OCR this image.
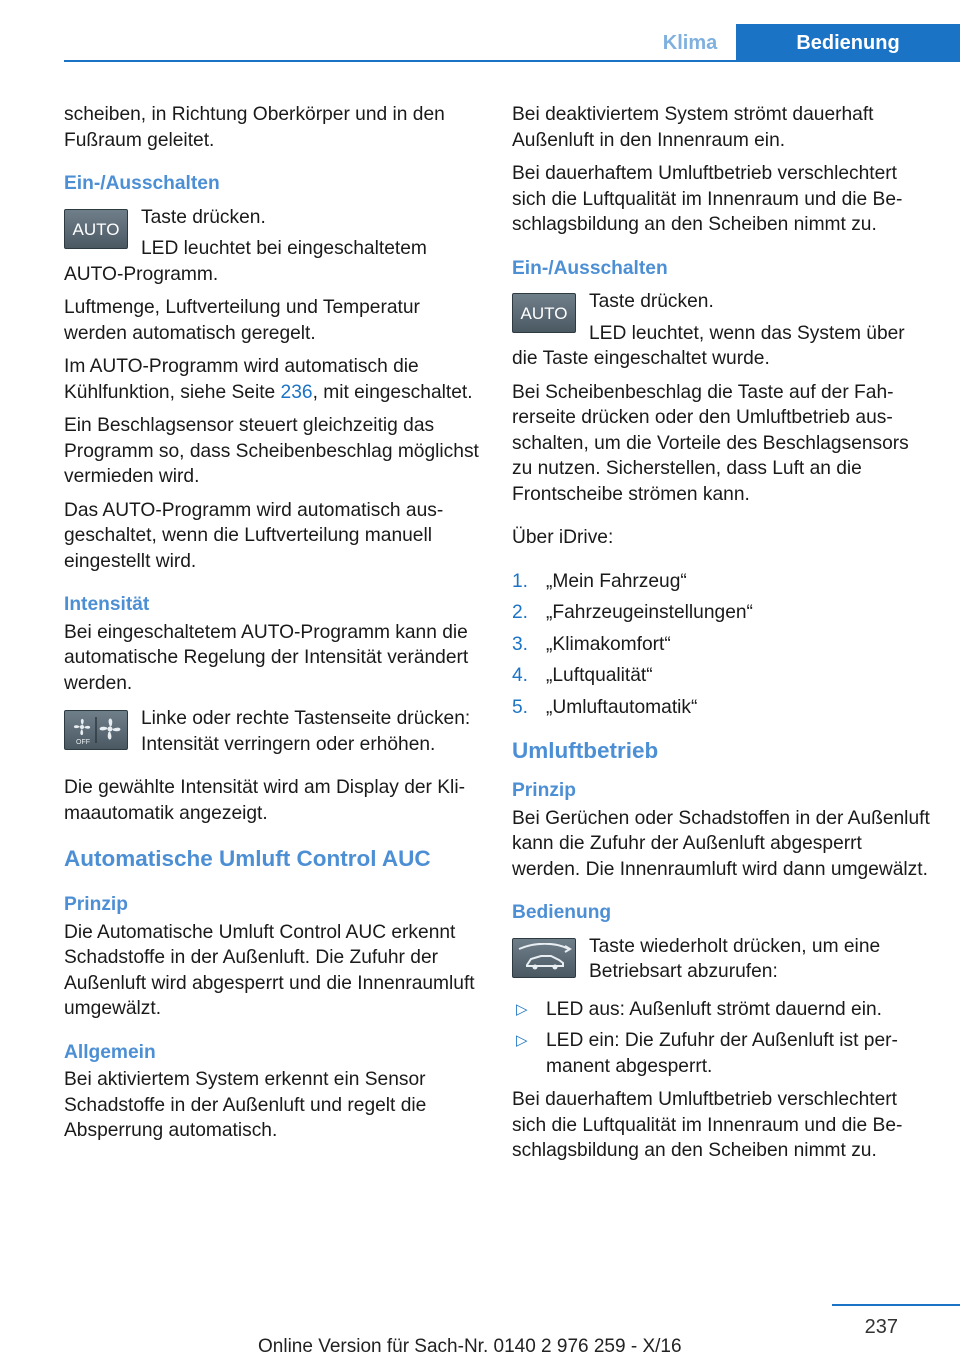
Klima	Bedienung

scheiben, in Richtung Oberkörper und in den Fußraum geleitet.

Ein-/Ausschalten
AUTO

Taste drücken.

LED leuchtet bei eingeschaltetem AUTO-Programm.

Luftmenge, Luftverteilung und Temperatur werden automatisch geregelt.

Im AUTO-Programm wird automatisch die Kühlfunktion, siehe Seite 236, mit eingeschaltet.

Ein Beschlagsensor steuert gleichzeitig das Programm so, dass Scheibenbeschlag möglichst vermieden wird.

Das AUTO-Programm wird automatisch ausgeschaltet, wenn die Luftverteilung manuell eingestellt wird.

Intensität

Bei eingeschaltetem AUTO-Programm kann die automatische Regelung der Intensität verändert werden.

OFF

Linke oder rechte Tastenseite drücken: Intensität verringern oder erhöhen.

Die gewählte Intensität wird am Display der Klimaautomatik angezeigt.

Automatische Umluft Control AUC
Prinzip

Die Automatische Umluft Control AUC erkennt Schadstoffe in der Außenluft. Die Zufuhr der Außenluft wird abgesperrt und die Innenraumluft umgewälzt.

Allgemein

Bei aktiviertem System erkennt ein Sensor Schadstoffe in der Außenluft und regelt die Absperrung automatisch.

Bei deaktiviertem System strömt dauerhaft Außenluft in den Innenraum ein.

Bei dauerhaftem Umluftbetrieb verschlechtert sich die Luftqualität im Innenraum und die Beschlagsbildung an den Scheiben nimmt zu.

Ein-/Ausschalten
AUTO

Taste drücken.

LED leuchtet, wenn das System über die Taste eingeschaltet wurde.

Bei Scheibenbeschlag die Taste auf der Fahrerseite drücken oder den Umluftbetrieb ausschalten, um die Vorteile des Beschlagsensors zu nutzen. Sicherstellen, dass Luft an die Frontscheibe strömen kann.

Über iDrive:

1. „Mein Fahrzeug“
2. „Fahrzeugeinstellungen“
3. „Klimakomfort“
4. „Luftqualität“
5. „Umluftautomatik“
Umluftbetrieb
Prinzip

Bei Gerüchen oder Schadstoffen in der Außenluft kann die Zufuhr der Außenluft abgesperrt werden. Die Innenraumluft wird dann umgewälzt.

Bedienung

Taste wiederholt drücken, um eine Betriebsart abzurufen:

▷ LED aus: Außenluft strömt dauernd ein.
▷ LED ein: Die Zufuhr der Außenluft ist permanent abgesperrt.

Bei dauerhaftem Umluftbetrieb verschlechtert sich die Luftqualität im Innenraum und die Beschlagsbildung an den Scheiben nimmt zu.

237
Online Version für Sach-Nr. 0140 2 976 259 - X/16
